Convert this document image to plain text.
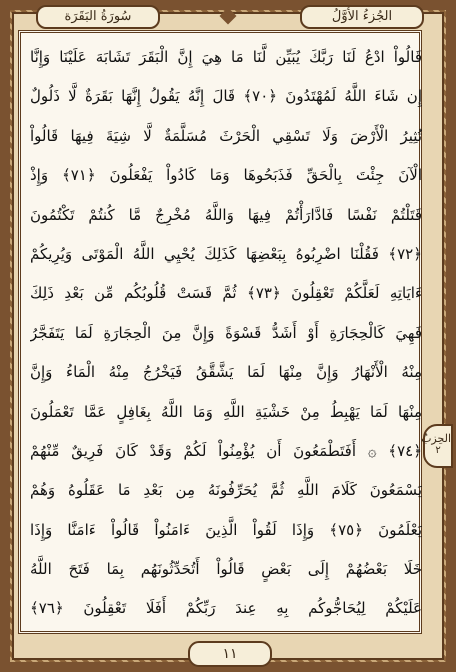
الجُزءُ الأوَّلُ
سُورَةُ البَقَرَة
قَالُواْ ادْعُ لَنَا رَبَّكَ يُبَيِّن لَّنَا مَا هِيَ إِنَّ الْبَقَرَ تَشَابَهَ عَلَيْنَا وَإِنَّا
إِن شَاءَ اللَّهُ لَمُهْتَدُونَ ﴿٧٠﴾ قَالَ إِنَّهُ يَقُولُ إِنَّهَا بَقَرَةٌ لَّا ذَلُولٌ
تُثِيرُ الْأَرْضَ وَلَا تَسْقِي الْحَرْثَ مُسَلَّمَةٌ لَّا شِيَةَ فِيهَا قَالُواْ
الْآنَ جِئْتَ بِالْحَقِّ فَذَبَحُوهَا وَمَا كَادُواْ يَفْعَلُونَ ﴿٧١﴾ وَإِذْ
قَتَلْتُمْ نَفْسًا فَادَّارَأْتُمْ فِيهَا وَاللَّهُ مُخْرِجٌ مَّا كُنتُمْ تَكْتُمُونَ
﴿٧٢﴾ فَقُلْنَا اضْرِبُوهُ بِبَعْضِهَا كَذَلِكَ يُحْيِي اللَّهُ الْمَوْتَى وَيُرِيكُمْ
ءَايَاتِهِ لَعَلَّكُمْ تَعْقِلُونَ ﴿٧٣﴾ ثُمَّ قَسَتْ قُلُوبُكُم مِّن بَعْدِ ذَلِكَ
فَهِيَ كَالْحِجَارَةِ أَوْ أَشَدُّ قَسْوَةً وَإِنَّ مِنَ الْحِجَارَةِ لَمَا يَتَفَجَّرُ
مِنْهُ الْأَنْهَارُ وَإِنَّ مِنْهَا لَمَا يَشَّقَّقُ فَيَخْرُجُ مِنْهُ الْمَاءُ وَإِنَّ
مِنْهَا لَمَا يَهْبِطُ مِنْ خَشْيَةِ اللَّهِ وَمَا اللَّهُ بِغَافِلٍ عَمَّا تَعْمَلُونَ
﴿٧٤﴾ ۞ أَفَتَطْمَعُونَ أَن يُؤْمِنُواْ لَكُمْ وَقَدْ كَانَ فَرِيقٌ مِّنْهُمْ
يَسْمَعُونَ كَلَامَ اللَّهِ ثُمَّ يُحَرِّفُونَهُ مِن بَعْدِ مَا عَقَلُوهُ وَهُمْ
يَعْلَمُونَ ﴿٧٥﴾ وَإِذَا لَقُواْ الَّذِينَ ءَامَنُواْ قَالُواْ ءَامَنَّا وَإِذَا
خَلَا بَعْضُهُمْ إِلَى بَعْضٍ قَالُواْ أَتُحَدِّثُونَهُم بِمَا فَتَحَ اللَّهُ
عَلَيْكُمْ لِيُحَاجُّوكُم بِهِ عِندَ رَبِّكُمْ أَفَلَا تَعْقِلُونَ ﴿٧٦﴾
الحِزبُ
٢
١١
